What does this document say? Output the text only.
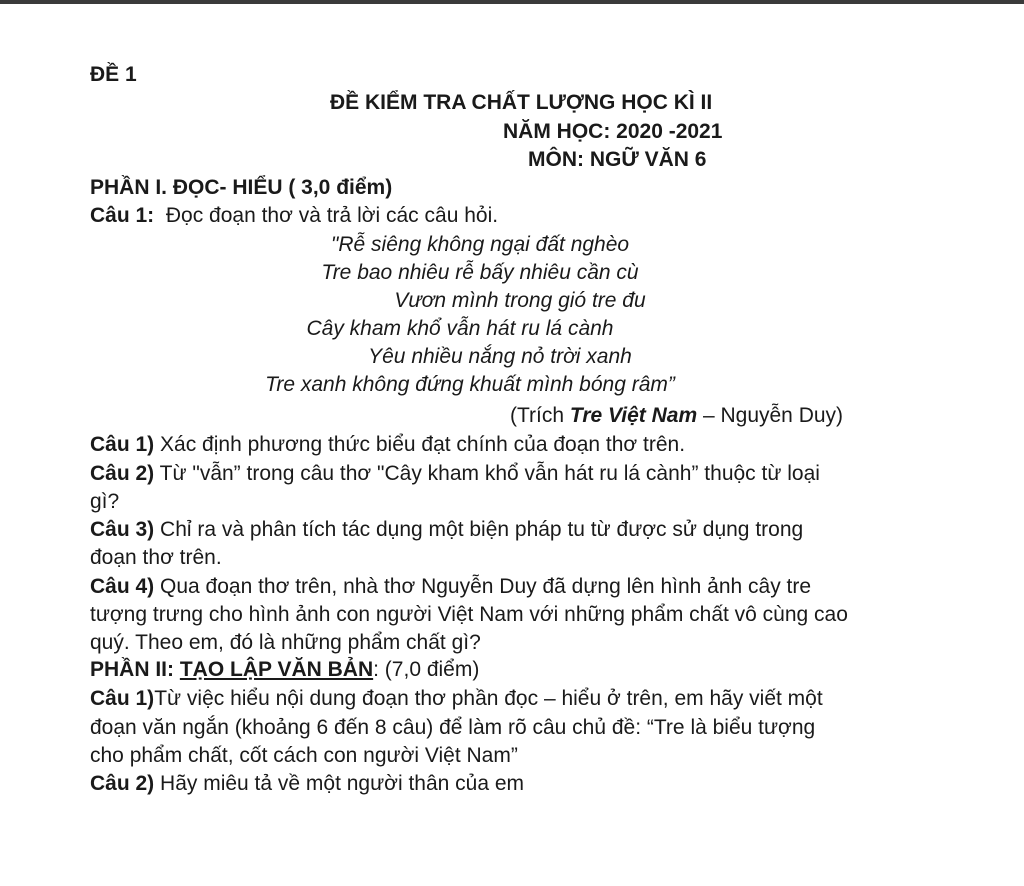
ĐỀ 1
ĐỀ KIỂM TRA CHẤT LƯỢNG HỌC KÌ II
NĂM HỌC: 2020 -2021
MÔN: NGỮ VĂN 6
PHẦN I. ĐỌC- HIỂU ( 3,0 điểm)
Câu 1: Đọc đoạn thơ và trả lời các câu hỏi.
"Rễ siêng không ngại đất nghèo
Tre bao nhiêu rễ bấy nhiêu cần cù
Vươn mình trong gió tre đu
Cây kham khổ vẫn hát ru lá cành
Yêu nhiều nắng nỏ trời xanh
Tre xanh không đứng khuất mình bóng râm”
(Trích Tre Việt Nam – Nguyễn Duy)
Câu 1) Xác định phương thức biểu đạt chính của đoạn thơ trên.
Câu 2) Từ "vẫn” trong câu thơ "Cây kham khổ vẫn hát ru lá cành” thuộc từ loại
gì?
Câu 3) Chỉ ra và phân tích tác dụng một biện pháp tu từ được sử dụng trong
đoạn thơ trên.
Câu 4) Qua đoạn thơ trên, nhà thơ Nguyễn Duy đã dựng lên hình ảnh cây tre
tượng trưng cho hình ảnh con người Việt Nam với những phẩm chất vô cùng cao
quý. Theo em, đó là những phẩm chất gì?
PHẦN II: TẠO LẬP VĂN BẢN: (7,0 điểm)
Câu 1)Từ việc hiểu nội dung đoạn thơ phần đọc – hiểu ở trên, em hãy viết một
đoạn văn ngắn (khoảng 6 đến 8 câu) để làm rõ câu chủ đề: “Tre là biểu tượng
cho phẩm chất, cốt cách con người Việt Nam”
Câu 2) Hãy miêu tả về một người thân của em
